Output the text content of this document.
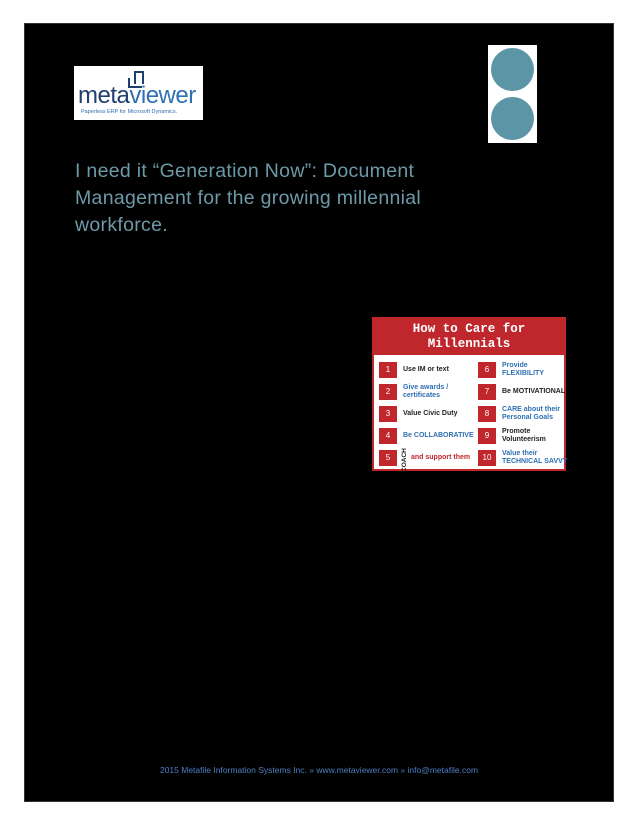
metaviewer
Paperless ERP for Microsoft Dynamics.
I need it “Generation Now”: Document Management for the growing millennial workforce.
How to Care for
Millennials
1	Use IM or text
2	Give awards /
certificates
3	Value Civic Duty
4	Be COLLABORATIVE
5	and support them
COACH
6	Provide
FLEXIBILITY
7	Be MOTIVATIONAL
8	CARE about their
Personal Goals
9	Promote
Volunteerism
10	Value their
TECHNICAL SAVVY
2015 Metafile Information Systems Inc. » www.metaviewer.com » info@metafile.com
